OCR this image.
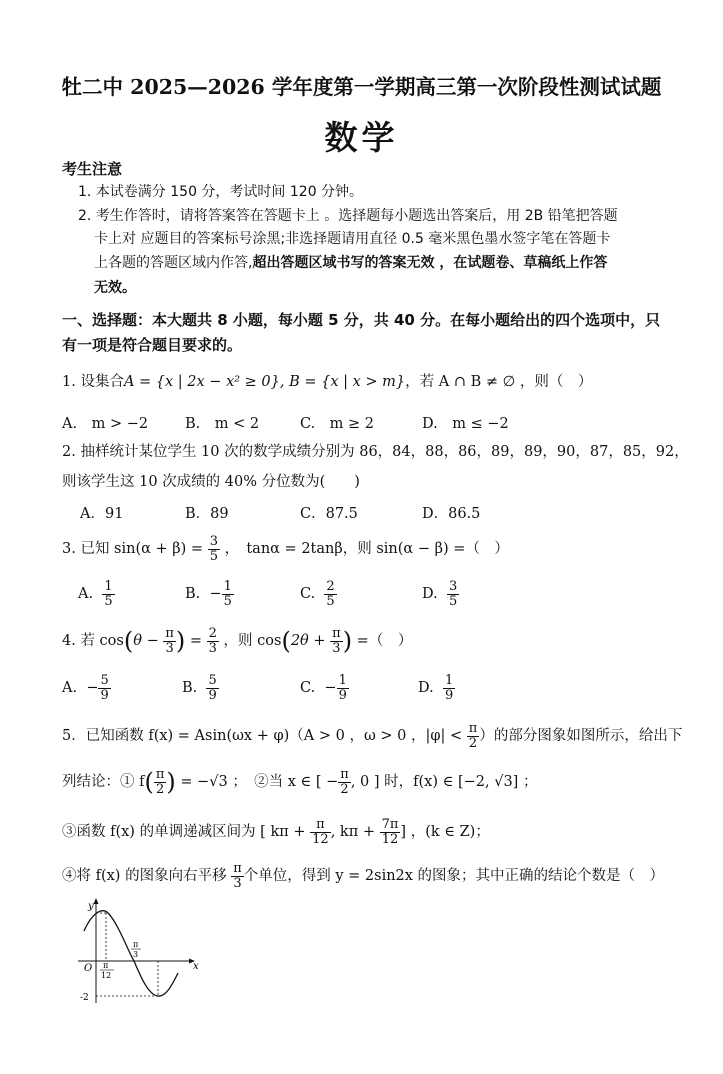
牡二中 2025—2026 学年度第一学期高三第一次阶段性测试试题
数学
考生注意
1. 本试卷满分 150 分，考试时间 120 分钟。
2. 考生作答时，请将答案答在答题卡上 。选择题每小题选出答案后，用 2B 铅笔把答题
卡上对 应题目的答案标号涂黑;非选择题请用直径 0.5 毫米黑色墨水签字笔在答题卡
上各题的答题区域内作答,超出答题区域书写的答案无效 ，在试题卷、草稿纸上作答
无效。
一、选择题：本大题共 8 小题，每小题 5 分，共 40 分。在每小题给出的四个选项中，只
有一项是符合题目要求的。
1. 设集合A = {x | 2x − x² ≥ 0}, B = {x | x > m}，若 A ∩ B ≠ ∅ ，则（　）
A.　m > −2	B.　m < 2	C.　m ≥ 2	D.　m ≤ −2
2. 抽样统计某位学生 10 次的数学成绩分别为 86，84，88，86，89，89，90，87，85，92，
则该学生这 10 次成绩的 40% 分位数为(　　)
A．91	B．89	C．87.5	D．86.5
3. 已知 $\sin(\alpha + \beta) = \frac{3}{5}$ ，　tanα = 2tanβ，则 sin(α − β) =（　）
A. $\frac{1}{5}$	B. − $\frac{1}{5}$	C. $\frac{2}{5}$	D. $\frac{3}{5}$
4. 若 $\cos(\theta - \frac{\pi}{3}$ ) = $\frac{2}{3}$ ，则 $\cos(2\theta + \frac{\pi}{3}$ ) =（　）
A. − $\frac{5}{9}$	B. $\frac{5}{9}$	C. − $\frac{1}{9}$	D. $\frac{1}{9}$
5．已知函数 f(x) = Asin(ωx + φ)（A > 0 ，ω > 0 ，$|\varphi| < \frac{\pi}{2}$ ）的部分图象如图所示，给出下
列结论：① $f( \frac{\pi}{2}$ ) = −√3 ；　②当 x ∈ [ − $\frac{\pi}{2}$ , 0 ] 时，f(x) ∈ [−2, √3] ；
③函数 f(x) 的单调递减区间为 [ $k\pi + \frac{\pi}{12}$ , $k\pi + \frac{7\pi}{12}$ ] ，(k ∈ Z)；
④将 f(x) 的图象向右平移 $\frac{\pi}{3}$ 个单位，得到 y = 2sin2x 的图象；其中正确的结论个数是（　）
y
x
O π
12
π
3
-2
